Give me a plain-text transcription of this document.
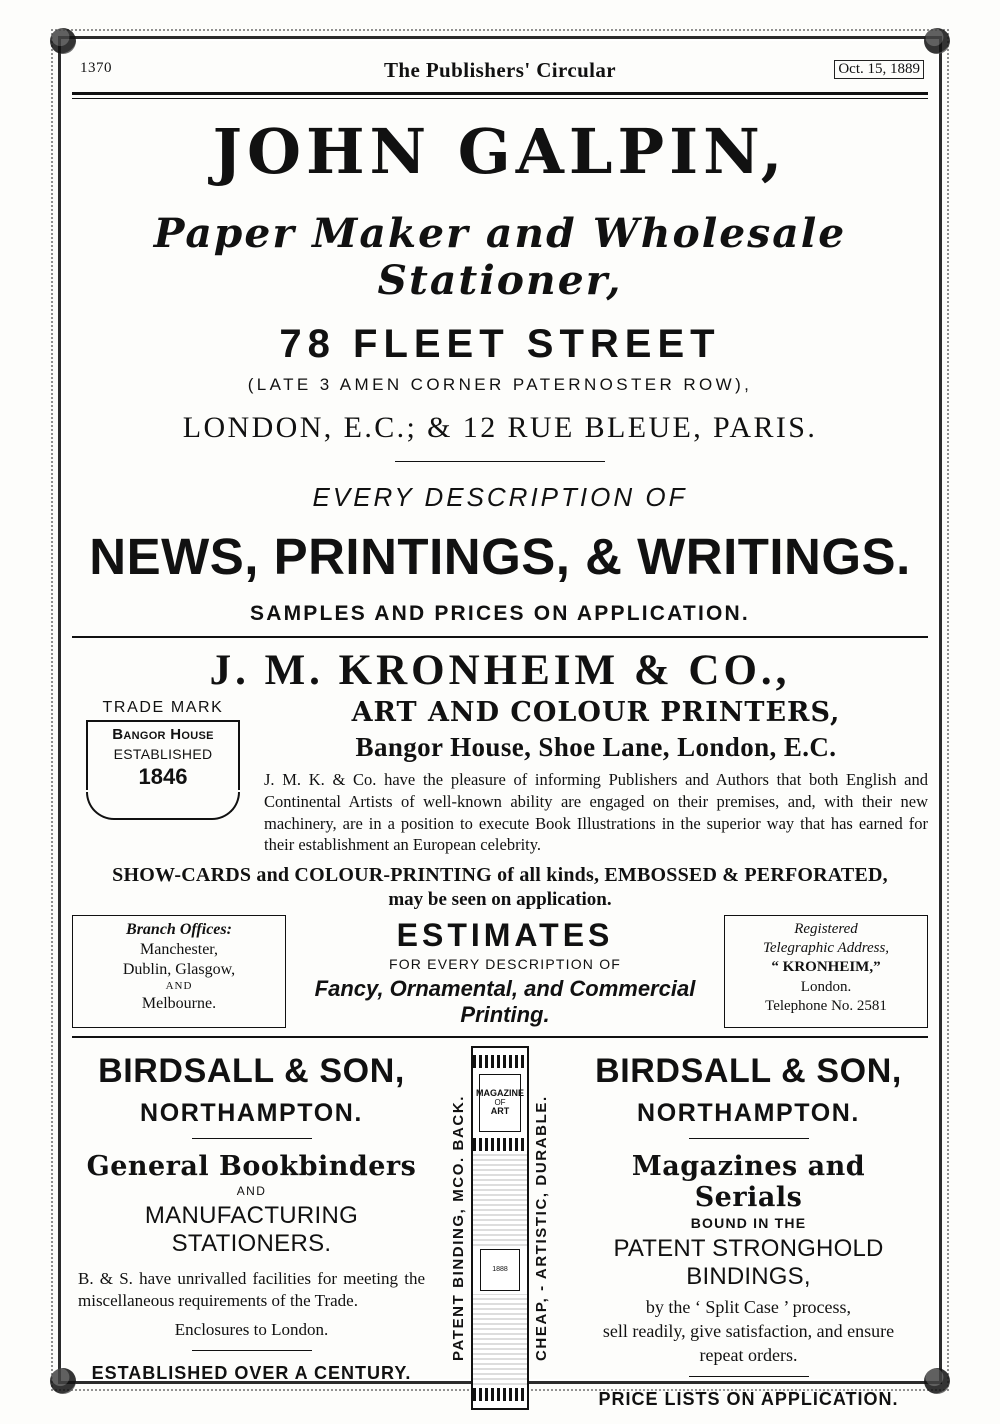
1370	The Publishers' Circular	Oct. 15, 1889
JOHN GALPIN,
Paper Maker and Wholesale Stationer,
78 FLEET STREET
(LATE 3 AMEN CORNER PATERNOSTER ROW),
LONDON, E.C.; & 12 RUE BLEUE, PARIS.
EVERY DESCRIPTION OF
NEWS, PRINTINGS, & WRITINGS.
SAMPLES AND PRICES ON APPLICATION.
J. M. KRONHEIM & CO.,
TRADE MARK
Bangor House
ESTABLISHED
1846
ART AND COLOUR PRINTERS,
Bangor House, Shoe Lane, London, E.C.
J. M. K. & Co. have the pleasure of informing Publishers and Authors that both English and Continental Artists of well-known ability are engaged on their premises, and, with their new machinery, are in a position to execute Book Illustrations in the superior way that has earned for their establishment an European celebrity.
SHOW-CARDS and COLOUR-PRINTING of all kinds, EMBOSSED & PERFORATED,
may be seen on application.
Branch Offices:
Manchester,
Dublin, Glasgow,
AND
Melbourne.
ESTIMATES
FOR EVERY DESCRIPTION OF
Fancy, Ornamental, and Commercial Printing.
Registered
Telegraphic Address,
“ KRONHEIM,”
London.
Telephone No. 2581
BIRDSALL & SON,
NORTHAMPTON.
General Bookbinders
AND
MANUFACTURING STATIONERS.
B. & S. have unrivalled facilities for meeting the miscellaneous requirements of the Trade.
Enclosures to London.
ESTABLISHED OVER A CENTURY.
PATENT BINDING, MCO. BACK.
MAGAZINE
OF
ART
1888	CHEAP, - ARTISTIC, DURABLE.
BIRDSALL & SON,
NORTHAMPTON.
Magazines and Serials
BOUND IN THE
PATENT STRONGHOLD BINDINGS,
by the ‘ Split Case ’ process,
sell readily, give satisfaction, and ensure
repeat orders.
PRICE LISTS ON APPLICATION.
